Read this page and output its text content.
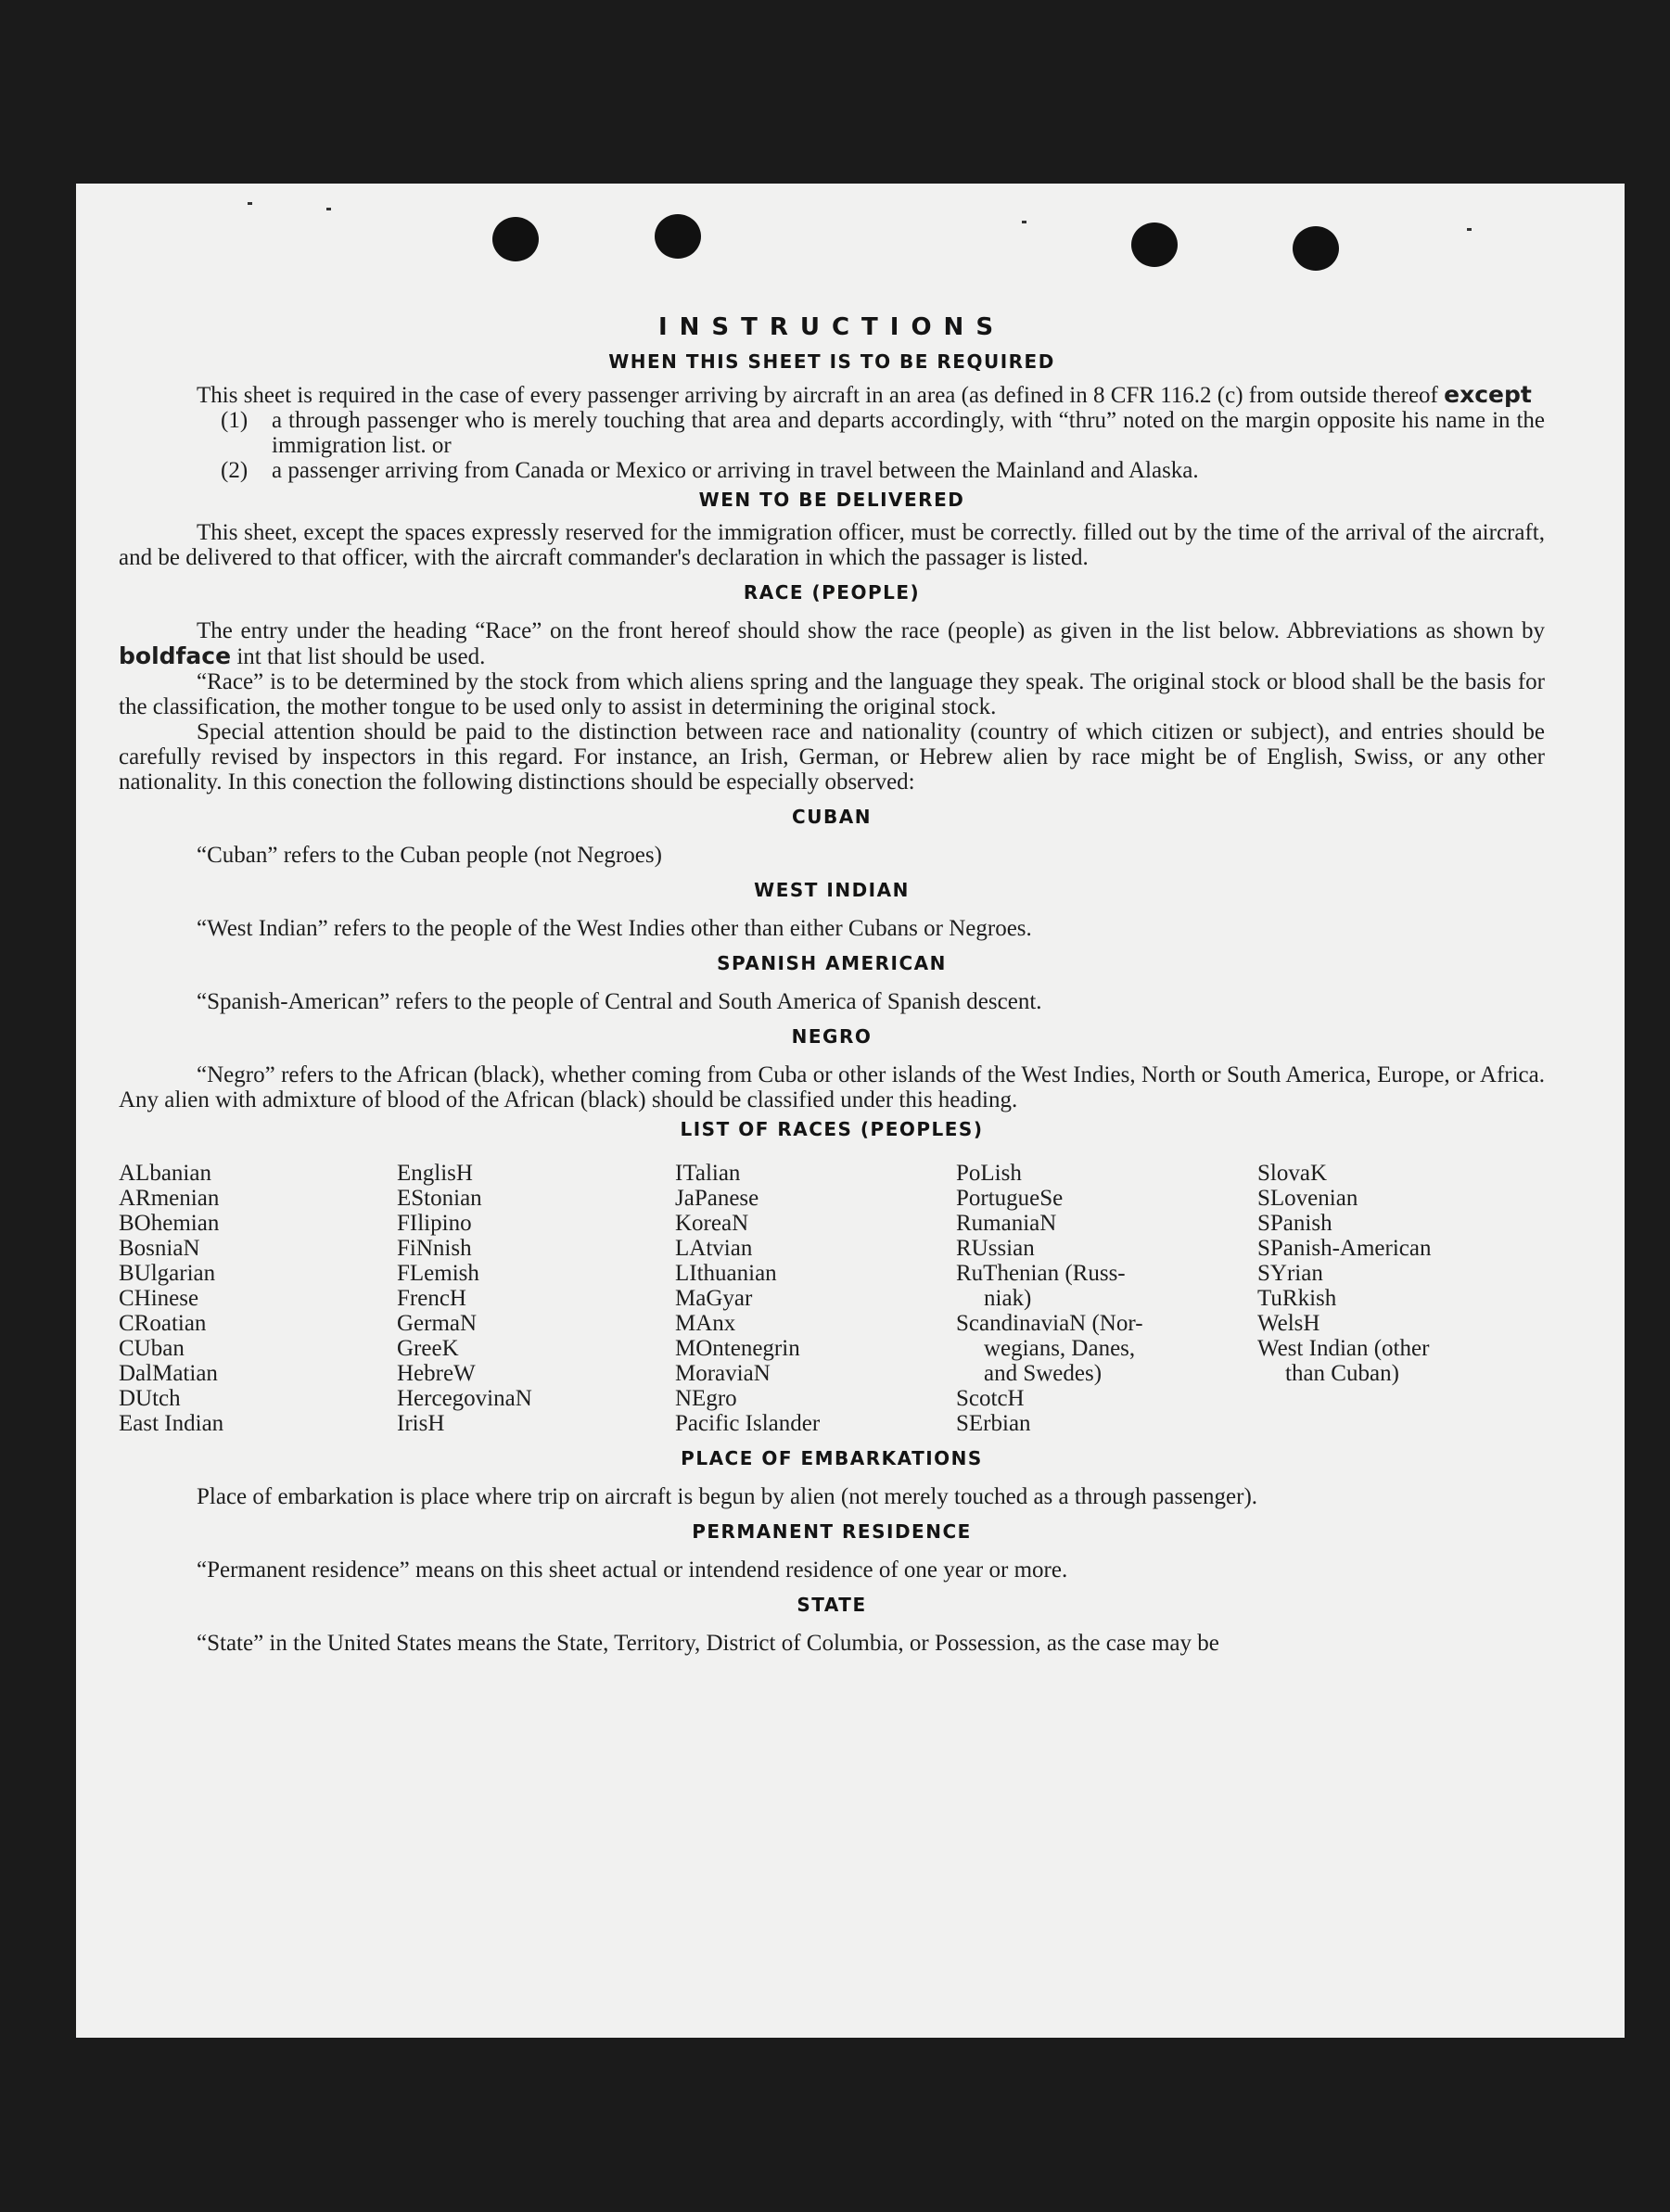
INSTRUCTIONS
WHEN THIS SHEET IS TO BE REQUIRED

This sheet is required in the case of every passenger arriving by aircraft in an area (as defined in 8 CFR 116.2 (c) from outside thereof except

(1)	a through passenger who is merely touching that area and departs accordingly, with “thru” noted on the margin opposite his name in the immigration list. or
(2)	a passenger arriving from Canada or Mexico or arriving in travel between the Mainland and Alaska.
WEN TO BE DELIVERED

This sheet, except the spaces expressly reserved for the immigration officer, must be correctly. filled out by the time of the arrival of the aircraft, and be delivered to that officer, with the aircraft commander's declaration in which the passager is listed.

RACE (PEOPLE)

The entry under the heading “Race” on the front hereof should show the race (people) as given in the list below. Abbreviations as shown by boldface int that list should be used.

“Race” is to be determined by the stock from which aliens spring and the language they speak. The original stock or blood shall be the basis for the classification, the mother tongue to be used only to assist in determining the original stock.

Special attention should be paid to the distinction between race and nationality (country of which citizen or subject), and entries should be carefully revised by inspectors in this regard. For instance, an Irish, German, or Hebrew alien by race might be of English, Swiss, or any other nationality. In this conection the following distinctions should be especially observed:

CUBAN

“Cuban” refers to the Cuban people (not Negroes)

WEST INDIAN

“West Indian” refers to the people of the West Indies other than either Cubans or Negroes.

SPANISH AMERICAN

“Spanish-American” refers to the people of Central and South America of Spanish descent.

NEGRO

“Negro” refers to the African (black), whether coming from Cuba or other islands of the West Indies, North or South America, Europe, or Africa. Any alien with admixture of blood of the African (black) should be classified under this heading.

LIST OF RACES (PEOPLES)
ALbanian
ARmenian
BOhemian
BosniaN
BUlgarian
CHinese
CRoatian
CUban
DalMatian
DUtch
East Indian
EnglisH
EStonian
FIlipino
FiNnish
FLemish
FrencH
GermaN
GreeK
HebreW
HercegovinaN
IrisH
ITalian
JaPanese
KoreaN
LAtvian
LIthuanian
MaGyar
MAnx
MOntenegrin
MoraviaN
NEgro
Pacific Islander
PoLish
PortugueSe
RumaniaN
RUssian
RuThenian (Russ-
niak)
ScandinaviaN (Nor-
wegians, Danes,
and Swedes)
ScotcH
SErbian
SlovaK
SLovenian
SPanish
SPanish-American
SYrian
TuRkish
WelsH
West Indian (other
than Cuban)
PLACE OF EMBARKATIONS

Place of embarkation is place where trip on aircraft is begun by alien (not merely touched as a through passenger).

PERMANENT RESIDENCE

“Permanent residence” means on this sheet actual or intendend residence of one year or more.

STATE

“State” in the United States means the State, Territory, District of Columbia, or Possession, as the case may be
